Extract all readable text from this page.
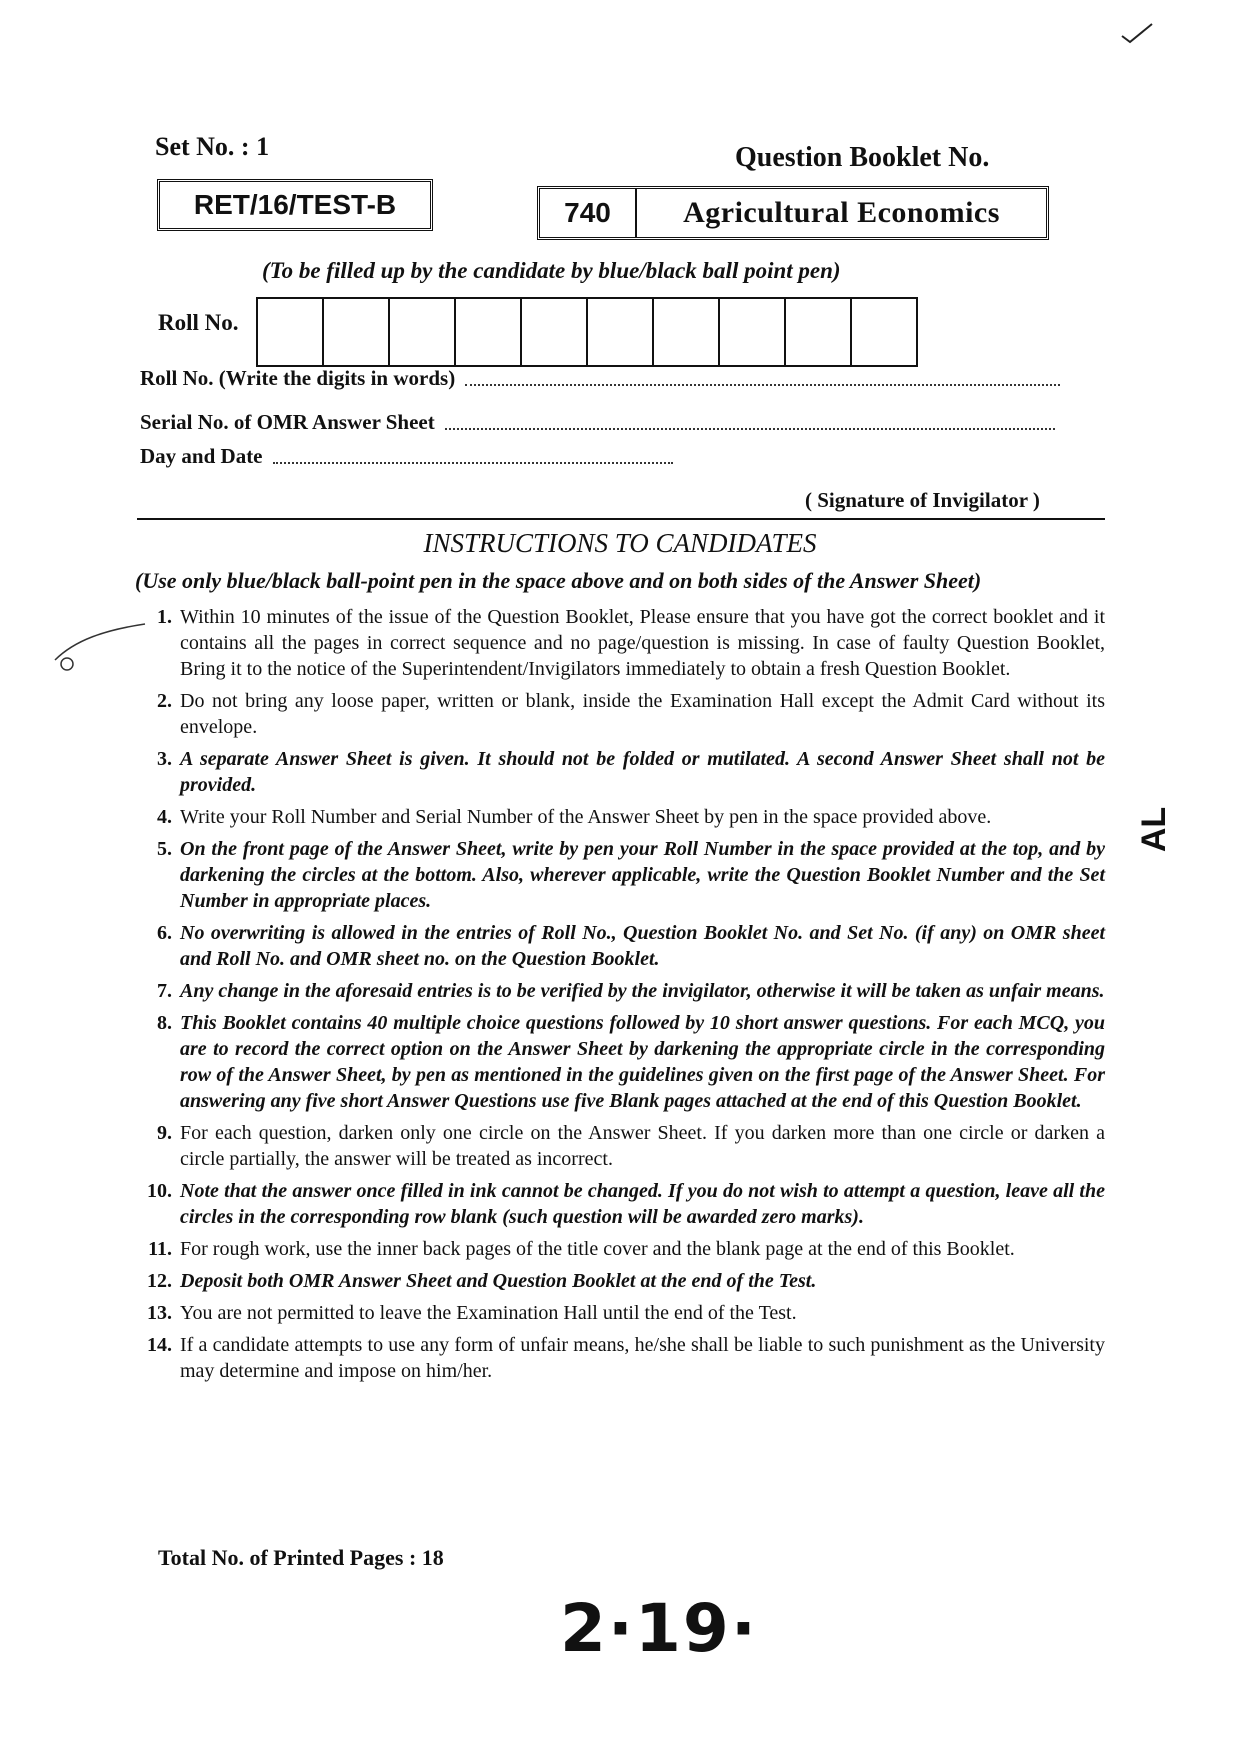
Set No. : 1	Question Booklet No.
RET/16/TEST-B	740	Agricultural Economics
(To be filled up by the candidate by blue/black ball point pen)
Roll No.
Roll No. (Write the digits in words)
Serial No. of OMR Answer Sheet
Day and Date
( Signature of Invigilator )
INSTRUCTIONS TO CANDIDATES
(Use only blue/black ball-point pen in the space above and on both sides of the Answer Sheet)
1. Within 10 minutes of the issue of the Question Booklet, Please ensure that you have got the correct booklet and it contains all the pages in correct sequence and no page/question is missing. In case of faulty Question Booklet, Bring it to the notice of the Superintendent/Invigilators immediately to obtain a fresh Question Booklet.
2. Do not bring any loose paper, written or blank, inside the Examination Hall except the Admit Card without its envelope.
3. A separate Answer Sheet is given. It should not be folded or mutilated. A second Answer Sheet shall not be provided.
4. Write your Roll Number and Serial Number of the Answer Sheet by pen in the space provided above.
5. On the front page of the Answer Sheet, write by pen your Roll Number in the space provided at the top, and by darkening the circles at the bottom. Also, wherever applicable, write the Question Booklet Number and the Set Number in appropriate places.
6. No overwriting is allowed in the entries of Roll No., Question Booklet No. and Set No. (if any) on OMR sheet and Roll No. and OMR sheet no. on the Question Booklet.
7. Any change in the aforesaid entries is to be verified by the invigilator, otherwise it will be taken as unfair means.
8. This Booklet contains 40 multiple choice questions followed by 10 short answer questions. For each MCQ, you are to record the correct option on the Answer Sheet by darkening the appropriate circle in the corresponding row of the Answer Sheet, by pen as mentioned in the guidelines given on the first page of the Answer Sheet. For answering any five short Answer Questions use five Blank pages attached at the end of this Question Booklet.
9. For each question, darken only one circle on the Answer Sheet. If you darken more than one circle or darken a circle partially, the answer will be treated as incorrect.
10. Note that the answer once filled in ink cannot be changed. If you do not wish to attempt a question, leave all the circles in the corresponding row blank (such question will be awarded zero marks).
11. For rough work, use the inner back pages of the title cover and the blank page at the end of this Booklet.
12. Deposit both OMR Answer Sheet and Question Booklet at the end of the Test.
13. You are not permitted to leave the Examination Hall until the end of the Test.
14. If a candidate attempts to use any form of unfair means, he/she shall be liable to such punishment as the University may determine and impose on him/her.
Total No. of Printed Pages : 18
2·19·
AL
